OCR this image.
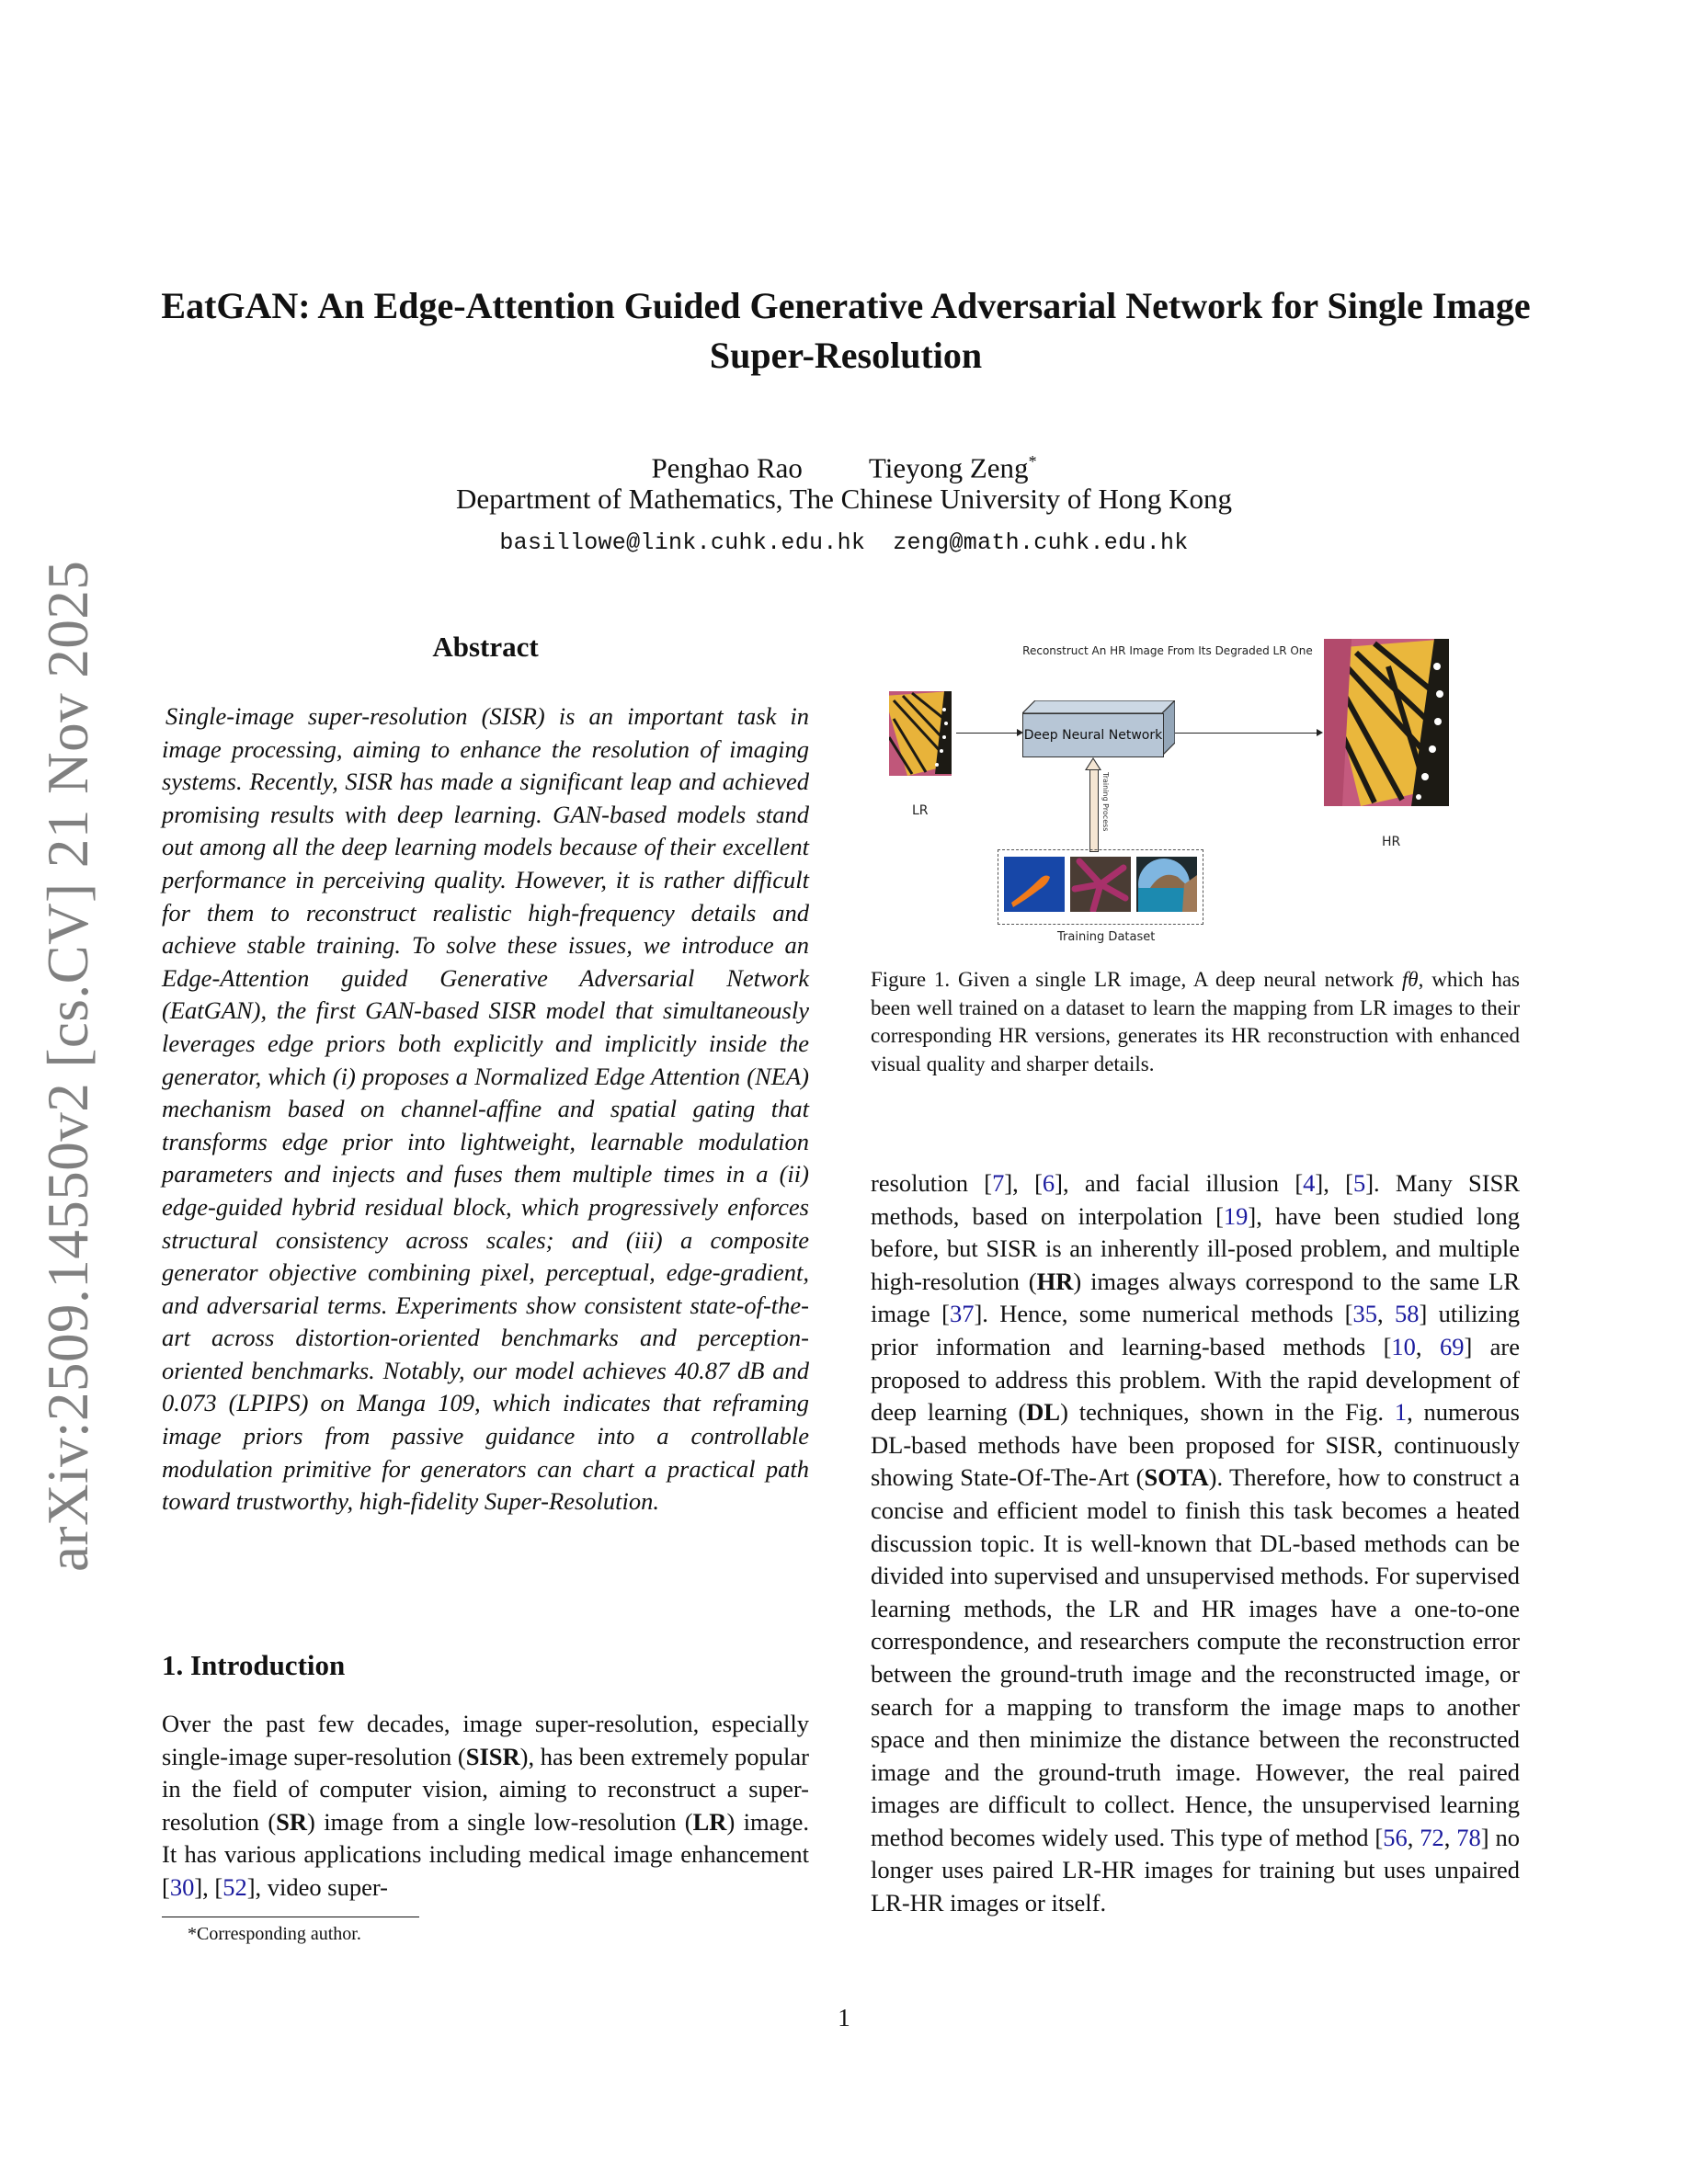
arXiv:2509.14550v2 [cs.CV] 21 Nov 2025
EatGAN: An Edge-Attention Guided Generative Adversarial Network for Single Image Super-Resolution
Penghao Rao Tieyong Zeng*
Department of Mathematics, The Chinese University of Hong Kong
basillowe@link.cuhk.edu.hk zeng@math.cuhk.edu.hk
Abstract
Single-image super-resolution (SISR) is an important task in image processing, aiming to enhance the resolution of imaging systems. Recently, SISR has made a significant leap and achieved promising results with deep learning. GAN-based models stand out among all the deep learning models because of their excellent performance in perceiving quality. However, it is rather difficult for them to reconstruct realistic high-frequency details and achieve stable training. To solve these issues, we introduce an Edge-Attention guided Generative Adversarial Network (EatGAN), the first GAN-based SISR model that simultaneously leverages edge priors both explicitly and implicitly inside the generator, which (i) proposes a Normalized Edge Attention (NEA) mechanism based on channel-affine and spatial gating that transforms edge prior into lightweight, learnable modulation parameters and injects and fuses them multiple times in a (ii) edge-guided hybrid residual block, which progressively enforces structural consistency across scales; and (iii) a composite generator objective combining pixel, perceptual, edge-gradient, and adversarial terms. Experiments show consistent state-of-the-art across distortion-oriented benchmarks and perception-oriented benchmarks. Notably, our model achieves 40.87 dB and 0.073 (LPIPS) on Manga 109, which indicates that reframing image priors from passive guidance into a controllable modulation primitive for generators can chart a practical path toward trustworthy, high-fidelity Super-Resolution.
1. Introduction
Over the past few decades, image super-resolution, especially single-image super-resolution (SISR), has been extremely popular in the field of computer vision, aiming to reconstruct a super-resolution (SR) image from a single low-resolution (LR) image. It has various applications including medical image enhancement [30], [52], video super-
*Corresponding author.
Reconstruct An HR Image From Its Degraded LR One
LR
Deep Neural Network
HR
Training Process
Training Dataset
Figure 1. Given a single LR image, A deep neural network fθ, which has been well trained on a dataset to learn the mapping from LR images to their corresponding HR versions, generates its HR reconstruction with enhanced visual quality and sharper details.
resolution [7], [6], and facial illusion [4], [5]. Many SISR methods, based on interpolation [19], have been studied long before, but SISR is an inherently ill-posed problem, and multiple high-resolution (HR) images always correspond to the same LR image [37]. Hence, some numerical methods [35, 58] utilizing prior information and learning-based methods [10, 69] are proposed to address this problem. With the rapid development of deep learning (DL) techniques, shown in the Fig. 1, numerous DL-based methods have been proposed for SISR, continuously showing State-Of-The-Art (SOTA). Therefore, how to construct a concise and efficient model to finish this task becomes a heated discussion topic. It is well-known that DL-based methods can be divided into supervised and unsupervised methods. For supervised learning methods, the LR and HR images have a one-to-one correspondence, and researchers compute the reconstruction error between the ground-truth image and the reconstructed image, or search for a mapping to transform the image maps to another space and then minimize the distance between the reconstructed image and the ground-truth image. However, the real paired images are difficult to collect. Hence, the unsupervised learning method becomes widely used. This type of method [56, 72, 78] no longer uses paired LR-HR images for training but uses unpaired LR-HR images or itself.
1
